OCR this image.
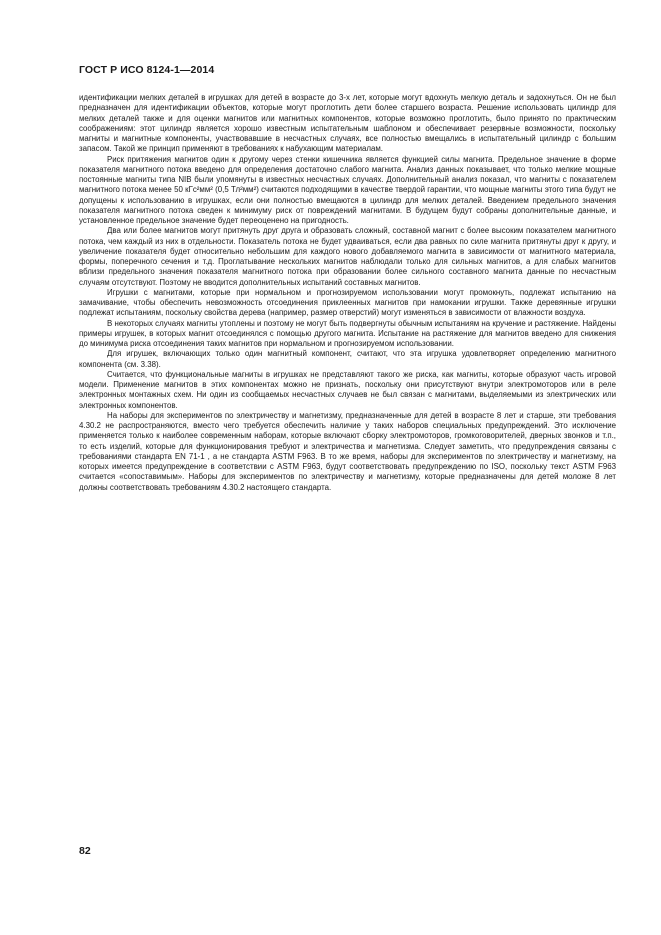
ГОСТ Р ИСО 8124-1—2014

идентификации мелких деталей в игрушках для детей в возрасте до 3-х лет, которые могут вдохнуть мелкую деталь и задохнуться. Он не был предназначен для идентификации объектов, которые могут проглотить дети более старшего возраста. Решение использовать цилиндр для мелких деталей также и для оценки магнитов или магнитных компонентов, которые возможно проглотить, было принято по практическим соображениям: этот цилиндр является хорошо известным испытательным шаблоном и обеспечивает резервные возможности, поскольку магниты и магнитные компоненты, участвовавшие в несчастных случаях, все полностью вмещались в испытательный цилиндр с большим запасом. Такой же принцип применяют в требованиях к набухающим материалам.

Риск притяжения магнитов один к другому через стенки кишечника является функцией силы магнита. Предельное значение в форме показателя магнитного потока введено для определения достаточно слабого магнита. Анализ данных показывает, что только мелкие мощные постоянные магниты типа NIB были упомянуты в известных несчастных случаях. Дополнительный анализ показал, что магниты с показателем магнитного потока менее 50 кГс²мм² (0,5 Тл²мм²) считаются подходящими в качестве твердой гарантии, что мощные магниты этого типа будут не допущены к использованию в игрушках, если они полностью вмещаются в цилиндр для мелких деталей. Введением предельного значения показателя магнитного потока сведен к минимуму риск от повреждений магнитами. В будущем будут собраны дополнительные данные, и установленное предельное значение будет переоценено на пригодность.

Два или более магнитов могут притянуть друг друга и образовать сложный, составной магнит с более высоким показателем магнитного потока, чем каждый из них в отдельности. Показатель потока не будет удваиваться, если два равных по силе магнита притянуты друг к другу, и увеличение показателя будет относительно небольшим для каждого нового добавляемого магнита в зависимости от магнитного материала, формы, поперечного сечения и т.д. Проглатывание нескольких магнитов наблюдали только для сильных магнитов, а для слабых магнитов вблизи предельного значения показателя магнитного потока при образовании более сильного составного магнита данные по несчастным случаям отсутствуют. Поэтому не вводится дополнительных испытаний составных магнитов.

Игрушки с магнитами, которые при нормальном и прогнозируемом использовании могут промокнуть, подлежат испытанию на замачивание, чтобы обеспечить невозможность отсоединения приклеенных магнитов при намокании игрушки. Также деревянные игрушки подлежат испытаниям, поскольку свойства дерева (например, размер отверстий) могут изменяться в зависимости от влажности воздуха.

В некоторых случаях магниты утоплены и поэтому не могут быть подвергнуты обычным испытаниям на кручение и растяжение. Найдены примеры игрушек, в которых магнит отсоединялся с помощью другого магнита. Испытание на растяжение для магнитов введено для снижения до минимума риска отсоединения таких магнитов при нормальном и прогнозируемом использовании.

Для игрушек, включающих только один магнитный компонент, считают, что эта игрушка удовлетворяет определению магнитного компонента (см. 3.38).

Считается, что функциональные магниты в игрушках не представляют такого же риска, как магниты, которые образуют часть игровой модели. Применение магнитов в этих компонентах можно не признать, поскольку они присутствуют внутри электромоторов или в реле электронных монтажных схем. Ни один из сообщаемых несчастных случаев не был связан с магнитами, выделяемыми из электрических или электронных компонентов.

На наборы для экспериментов по электричеству и магнетизму, предназначенные для детей в возрасте 8 лет и старше, эти требования 4.30.2 не распространяются, вместо чего требуется обеспечить наличие у таких наборов специальных предупреждений. Это исключение применяется только к наиболее современным наборам, которые включают сборку электромоторов, громкоговорителей, дверных звонков и т.п., то есть изделий, которые для функционирования требуют и электричества и магнетизма. Следует заметить, что предупреждения связаны с требованиями стандарта EN 71-1 , а не стандарта ASTM F963. В то же время, наборы для экспериментов по электричеству и магнетизму, на которых имеется предупреждение в соответствии с ASTM F963, будут соответствовать предупреждению по ISO, поскольку текст ASTM F963 считается «сопоставимым». Наборы для экспериментов по электричеству и магнетизму, которые предназначены для детей моложе 8 лет должны соответствовать требованиям 4.30.2 настоящего стандарта.

82
